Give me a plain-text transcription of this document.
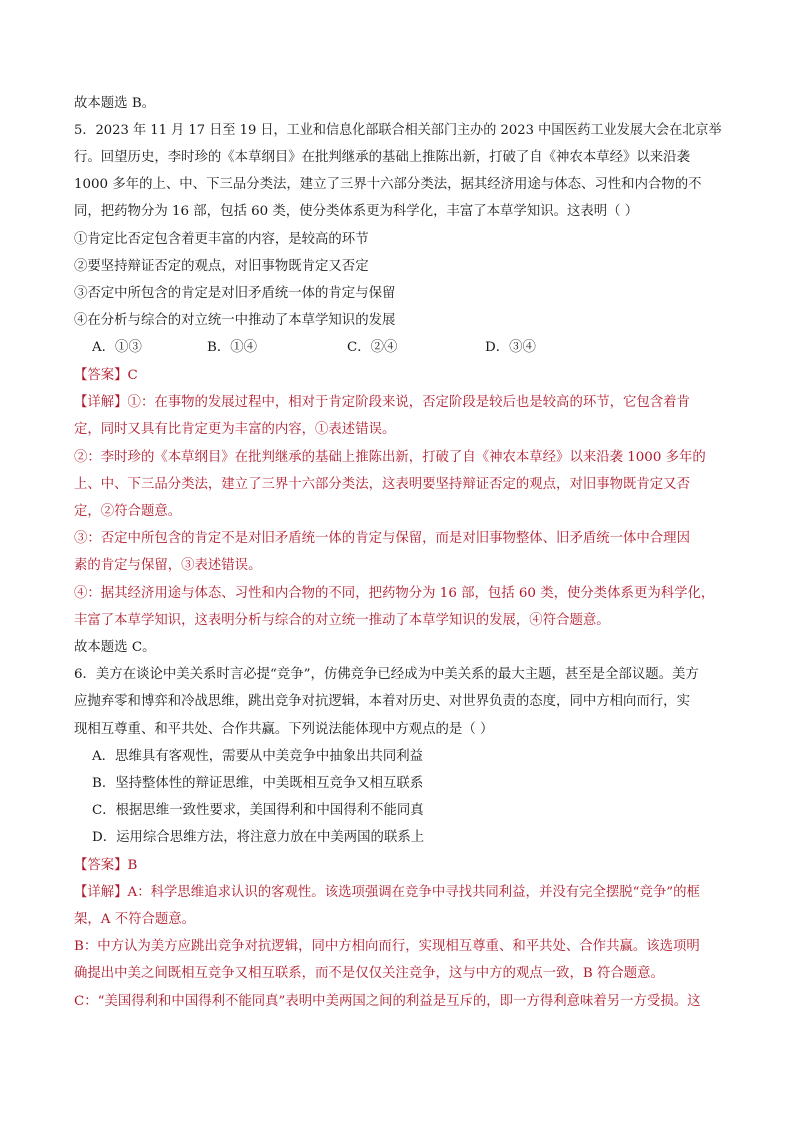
故本题选 B。
5．2023 年 11 月 17 日至 19 日，工业和信息化部联合相关部门主办的 2023 中国医药工业发展大会在北京举
行。回望历史，李时珍的《本草纲目》在批判继承的基础上推陈出新，打破了自《神农本草经》以来沿袭
1000 多年的上、中、下三品分类法，建立了三界十六部分类法，据其经济用途与体态、习性和内合物的不
同，把药物分为 16 部，包括 60 类，使分类体系更为科学化，丰富了本草学知识。这表明（ ）
①肯定比否定包含着更丰富的内容，是较高的环节
②要坚持辩证否定的观点，对旧事物既肯定又否定
③否定中所包含的肯定是对旧矛盾统一体的肯定与保留
④在分析与综合的对立统一中推动了本草学知识的发展
A．①③	B．①④	C．②④	D．③④
【答案】C
【详解】①：在事物的发展过程中，相对于肯定阶段来说，否定阶段是较后也是较高的环节，它包含着肯
定，同时又具有比肯定更为丰富的内容，①表述错误。
②：李时珍的《本草纲目》在批判继承的基础上推陈出新，打破了自《神农本草经》以来沿袭 1000 多年的
上、中、下三品分类法，建立了三界十六部分类法，这表明要坚持辩证否定的观点，对旧事物既肯定又否
定，②符合题意。
③：否定中所包含的肯定不是对旧矛盾统一体的肯定与保留，而是对旧事物整体、旧矛盾统一体中合理因
素的肯定与保留，③表述错误。
④：据其经济用途与体态、习性和内合物的不同，把药物分为 16 部，包括 60 类，使分类体系更为科学化，
丰富了本草学知识，这表明分析与综合的对立统一推动了本草学知识的发展，④符合题意。
故本题选 C。
6．美方在谈论中美关系时言必提“竞争”，仿佛竞争已经成为中美关系的最大主题，甚至是全部议题。美方
应抛弃零和博弈和冷战思维，跳出竞争对抗逻辑，本着对历史、对世界负责的态度，同中方相向而行，实
现相互尊重、和平共处、合作共赢。下列说法能体现中方观点的是（ ）
A．思维具有客观性，需要从中美竞争中抽象出共同利益
B．坚持整体性的辩证思维，中美既相互竞争又相互联系
C．根据思维一致性要求，美国得利和中国得利不能同真
D．运用综合思维方法，将注意力放在中美两国的联系上
【答案】B
【详解】A：科学思维追求认识的客观性。该选项强调在竞争中寻找共同利益，并没有完全摆脱“竞争”的框
架，A 不符合题意。
B：中方认为美方应跳出竞争对抗逻辑，同中方相向而行，实现相互尊重、和平共处、合作共赢。该选项明
确提出中美之间既相互竞争又相互联系，而不是仅仅关注竞争，这与中方的观点一致，B 符合题意。
C：“美国得利和中国得利不能同真”表明中美两国之间的利益是互斥的，即一方得利意味着另一方受损。这
